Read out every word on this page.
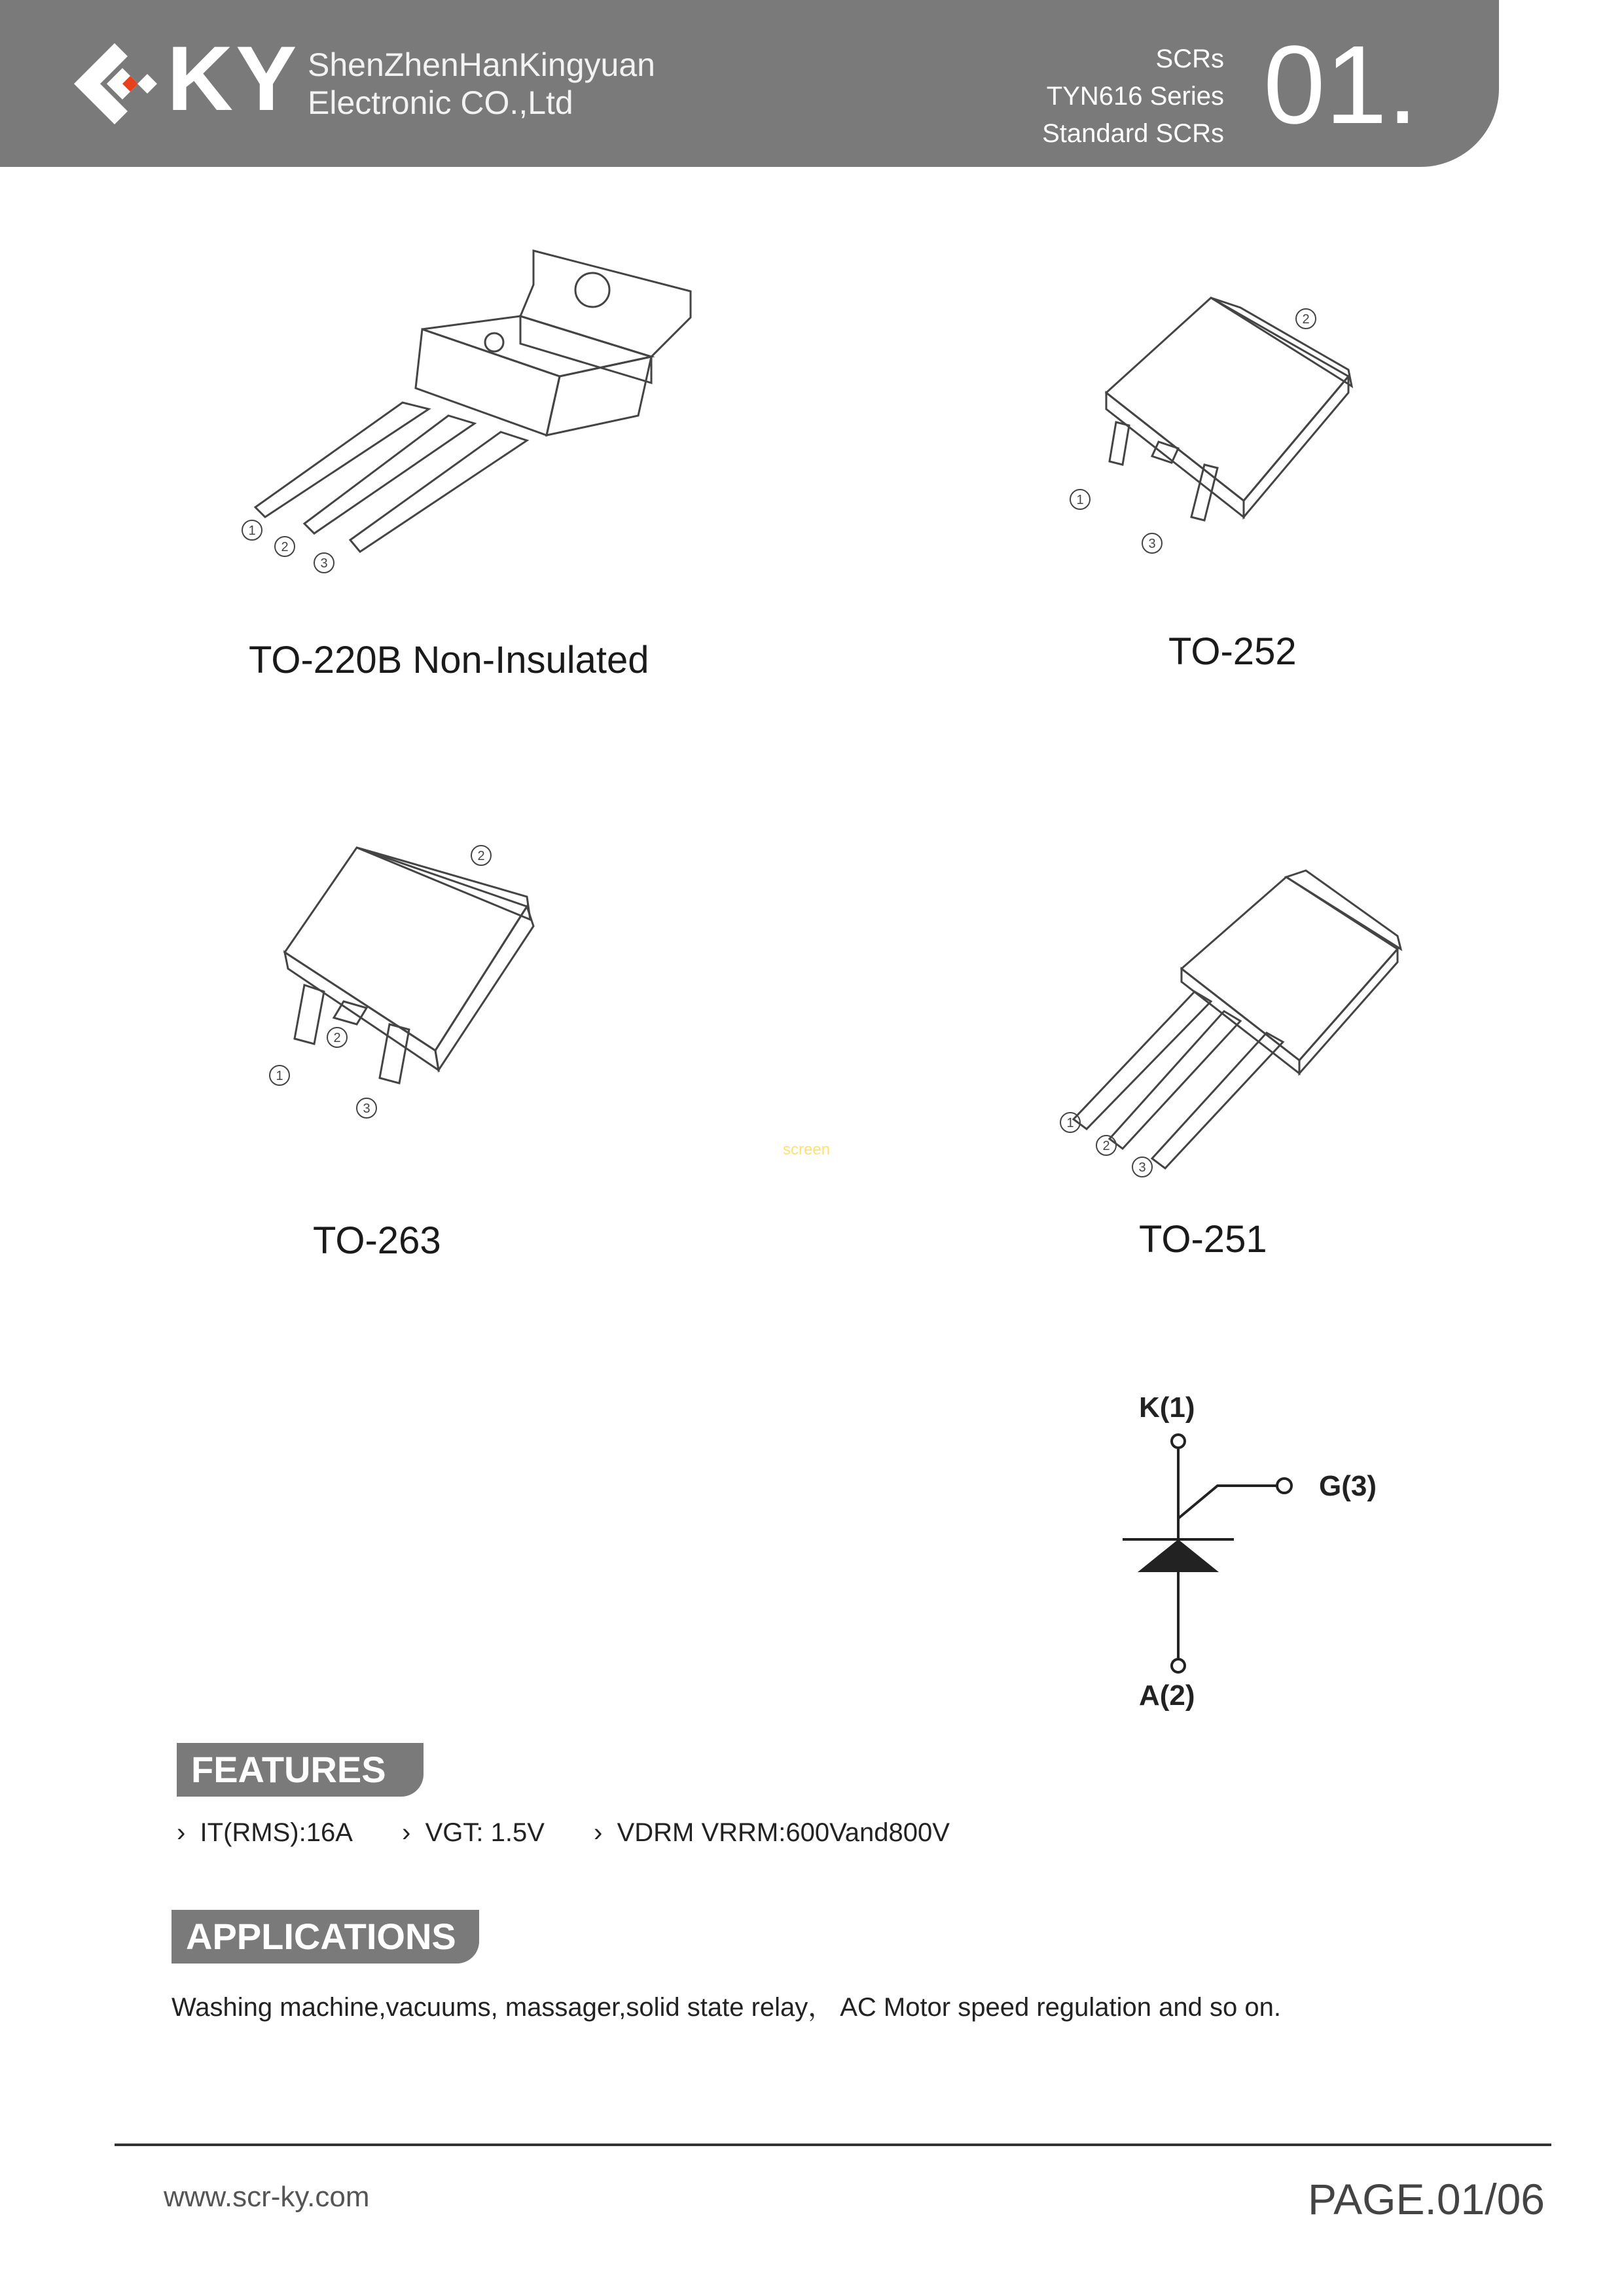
KY ShenZhenHanKingyuan
Electronic CO.,Ltd
SCRs
TYN616 Series
Standard SCRs 01.
1
2
3
TO-220B Non-Insulated
2
1
3
TO-252
2
2
1
3
TO-263
1
2
3
TO-251
screen
K(1)
G(3)
A(2)
FEATURES
›  IT(RMS):16A ›  VGT: 1.5V ›  VDRM VRRM:600Vand800V
APPLICATIONS
Washing machine,vacuums, massager,solid state relay， AC Motor speed regulation and so on.
www.scr-ky.com	PAGE.01/06
